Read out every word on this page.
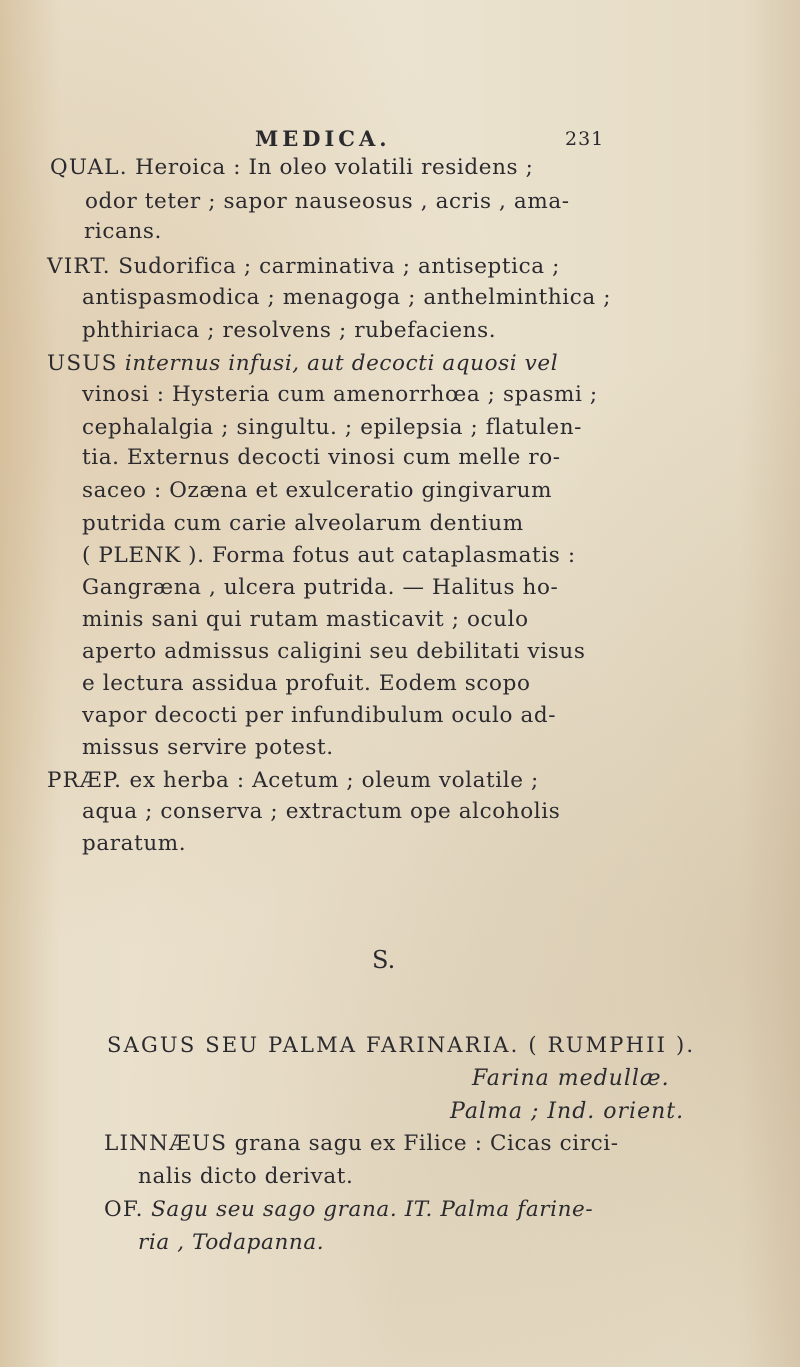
MEDICA.	231
QUAL. Heroica : In oleo volatili residens ;
odor teter ; sapor nauseosus , acris , ama-
ricans.
VIRT. Sudorifica ; carminativa ; antiseptica ;
antispasmodica ; menagoga ; anthelminthica ;
phthiriaca ; resolvens ; rubefaciens.
USUS internus infusi, aut decocti aquosi vel
vinosi : Hysteria cum amenorrhœa ; spasmi ;
cephalalgia ; singultu. ; epilepsia ; flatulen-
tia. Externus decocti vinosi cum melle ro-
saceo : Ozæna et exulceratio gingivarum
putrida cum carie alveolarum dentium
( PLENK ). Forma fotus aut cataplasmatis :
Gangræna , ulcera putrida. — Halitus ho-
minis sani qui rutam masticavit ; oculo
aperto admissus caligini seu debilitati visus
e lectura assidua profuit. Eodem scopo
vapor decocti per infundibulum oculo ad-
missus servire potest.
PRÆP. ex herba : Acetum ; oleum volatile ;
aqua ; conserva ; extractum ope alcoholis
paratum.
S.
SAGUS SEU PALMA FARINARIA. ( RUMPHII ).
Farina medullæ.
Palma ; Ind. orient.
LINNÆUS grana sagu ex Filice : Cicas circi-
nalis dicto derivat.
OF. Sagu seu sago grana. IT. Palma farine-
ria , Todapanna.
